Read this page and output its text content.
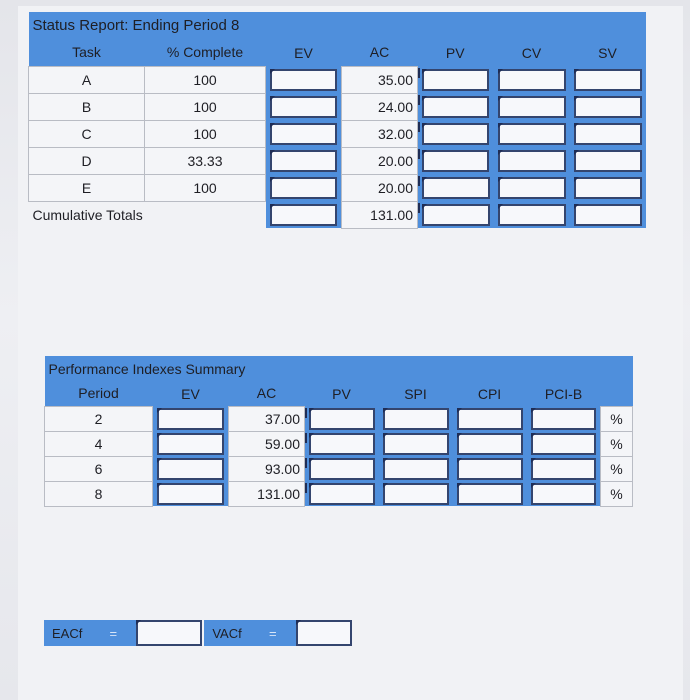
Status Report: Ending Period 8						
Task	% Complete	EV	AC	PV	CV	SV
A	100		35.00	

B	100		24.00	

C	100		32.00	

D	33.33		20.00	

E	100		20.00	

Cumulative Totals			131.00	

Performance Indexes Summary							
Period	EV	AC	PV	SPI	CPI	PCI-B	
2		37.00					%
4		59.00					%
6		93.00					%
8		131.00					%
EACf	=	VACf	=
